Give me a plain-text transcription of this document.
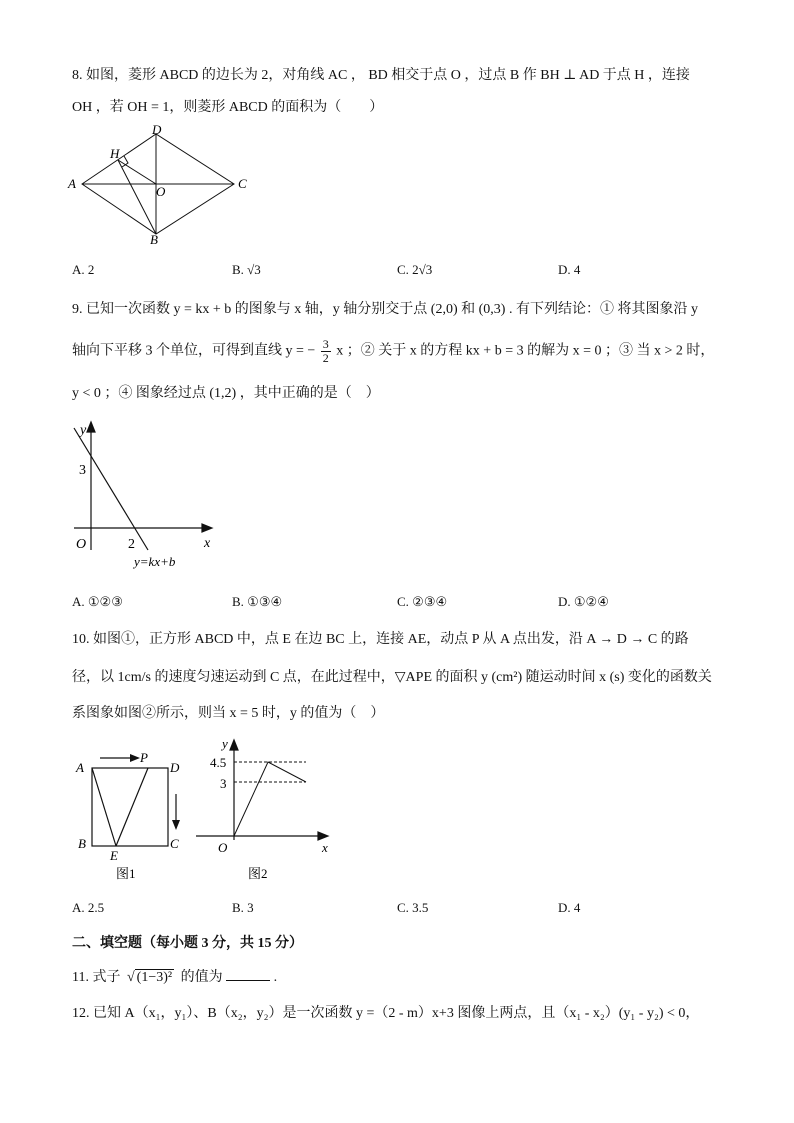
8. 如图，菱形 ABCD 的边长为 2，对角线 AC ， BD 相交于点 O ，过点 B 作 BH ⊥ AD 于点 H ，连接
OH ，若 OH = 1，则菱形 ABCD 的面积为（　　）
A
D
C
B
H
O
A. 2	B. √3	C. 2√3	D. 4
9. 已知一次函数 y = kx + b 的图象与 x 轴，y 轴分别交于点 (2,0) 和 (0,3) . 有下列结论：① 将其图象沿 y
轴向下平移 3 个单位，可得到直线 y = − $\frac{3}{2}$ x ；② 关于 x 的方程 kx + b = 3 的解为 x = 0 ；③ 当 x > 2 时，
y < 0 ；④ 图象经过点 (1,2) ，其中正确的是（　）
y
x
O
3
2
y=kx+b
A. ①②③	B. ①③④	C. ②③④	D. ①②④
10. 如图①，正方形 ABCD 中，点 E 在边 BC 上，连接 AE，动点 P 从 A 点出发，沿 A → D → C 的路
径，以 1cm/s 的速度匀速运动到 C 点，在此过程中，▽APE 的面积 y (cm²) 随运动时间 x (s) 变化的函数关
系图象如图②所示，则当 x = 5 时，y 的值为（　）
A
P
D
B
E
C
图1
y
4.5
3
O	x
图2
A. 2.5	B. 3	C. 3.5	D. 4
二、填空题（每小题 3 分，共 15 分）
11. 式子 √ (1−3)² 的值为	.
12. 已知 A（x₁，y₁）、B（x₂，y₂）是一次函数 y =（2 - m）x+3 图像上两点，且（x₁ - x₂）(y₁ - y₂) < 0，
